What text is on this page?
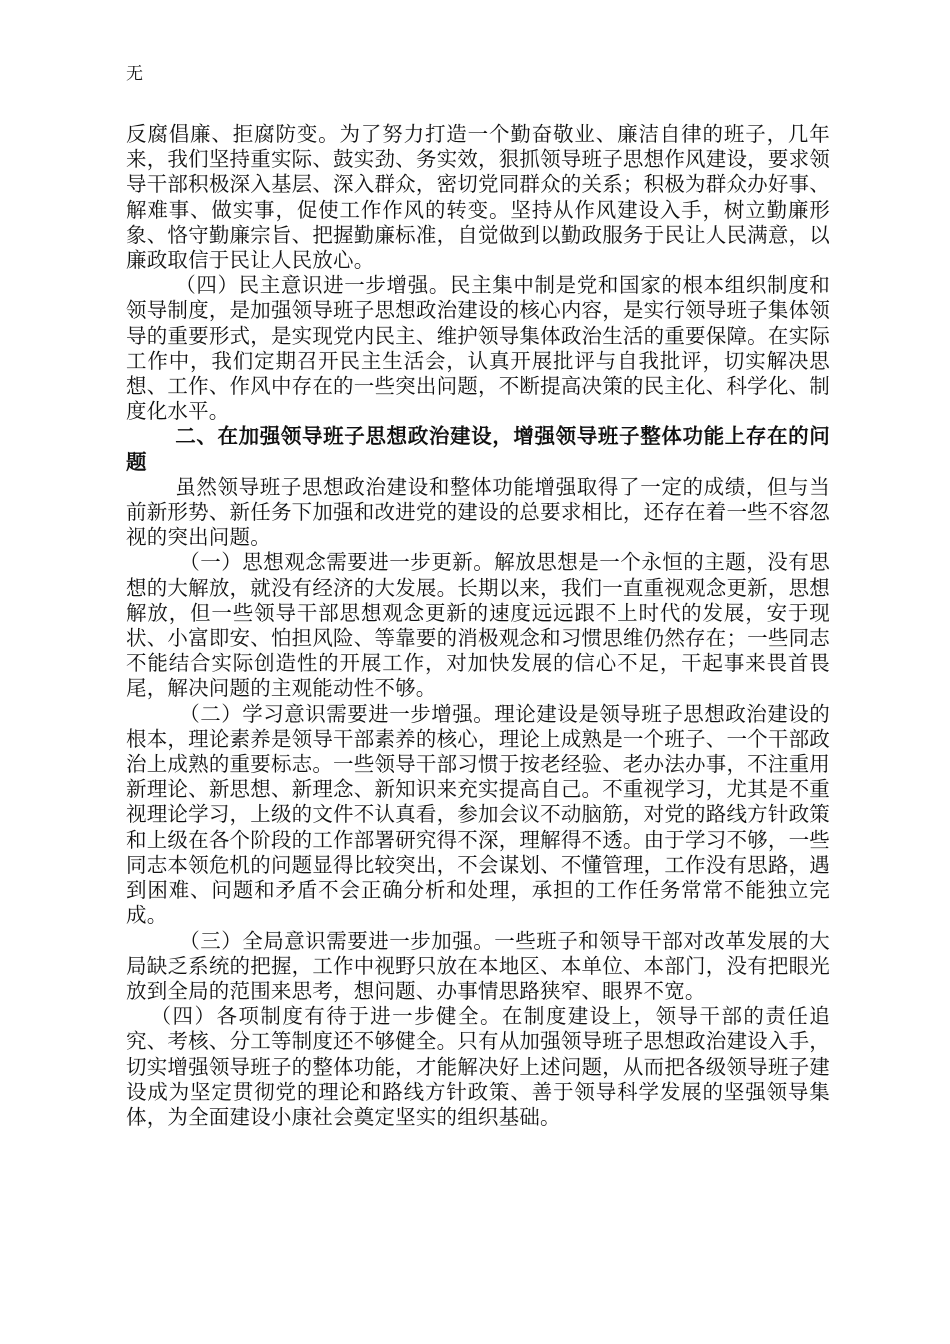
无

反腐倡廉、拒腐防变。为了努力打造一个勤奋敬业、廉洁自律的班子，几年来，我们坚持重实际、鼓实劲、务实效，狠抓领导班子思想作风建设，要求领导干部积极深入基层、深入群众，密切党同群众的关系；积极为群众办好事、解难事、做实事，促使工作作风的转变。坚持从作风建设入手，树立勤廉形象、恪守勤廉宗旨、把握勤廉标准，自觉做到以勤政服务于民让人民满意，以廉政取信于民让人民放心。

（四）民主意识进一步增强。民主集中制是党和国家的根本组织制度和领导制度，是加强领导班子思想政治建设的核心内容，是实行领导班子集体领导的重要形式，是实现党内民主、维护领导集体政治生活的重要保障。在实际工作中，我们定期召开民主生活会，认真开展批评与自我批评，切实解决思想、工作、作风中存在的一些突出问题，不断提高决策的民主化、科学化、制度化水平。

二、在加强领导班子思想政治建设，增强领导班子整体功能上存在的问题

虽然领导班子思想政治建设和整体功能增强取得了一定的成绩，但与当前新形势、新任务下加强和改进党的建设的总要求相比，还存在着一些不容忽视的突出问题。

（一）思想观念需要进一步更新。解放思想是一个永恒的主题，没有思想的大解放，就没有经济的大发展。长期以来，我们一直重视观念更新，思想解放，但一些领导干部思想观念更新的速度远远跟不上时代的发展，安于现状、小富即安、怕担风险、等靠要的消极观念和习惯思维仍然存在；一些同志不能结合实际创造性的开展工作，对加快发展的信心不足，干起事来畏首畏尾，解决问题的主观能动性不够。

（二）学习意识需要进一步增强。理论建设是领导班子思想政治建设的根本，理论素养是领导干部素养的核心，理论上成熟是一个班子、一个干部政治上成熟的重要标志。一些领导干部习惯于按老经验、老办法办事，不注重用新理论、新思想、新理念、新知识来充实提高自己。不重视学习，尤其是不重视理论学习，上级的文件不认真看，参加会议不动脑筋，对党的路线方针政策和上级在各个阶段的工作部署研究得不深，理解得不透。由于学习不够，一些同志本领危机的问题显得比较突出，不会谋划、不懂管理，工作没有思路，遇到困难、问题和矛盾不会正确分析和处理，承担的工作任务常常不能独立完成。

（三）全局意识需要进一步加强。一些班子和领导干部对改革发展的大局缺乏系统的把握，工作中视野只放在本地区、本单位、本部门，没有把眼光放到全局的范围来思考，想问题、办事情思路狭窄、眼界不宽。

（四）各项制度有待于进一步健全。在制度建设上，领导干部的责任追究、考核、分工等制度还不够健全。只有从加强领导班子思想政治建设入手，切实增强领导班子的整体功能，才能解决好上述问题，从而把各级领导班子建设成为坚定贯彻党的理论和路线方针政策、善于领导科学发展的坚强领导集体，为全面建设小康社会奠定坚实的组织基础。
